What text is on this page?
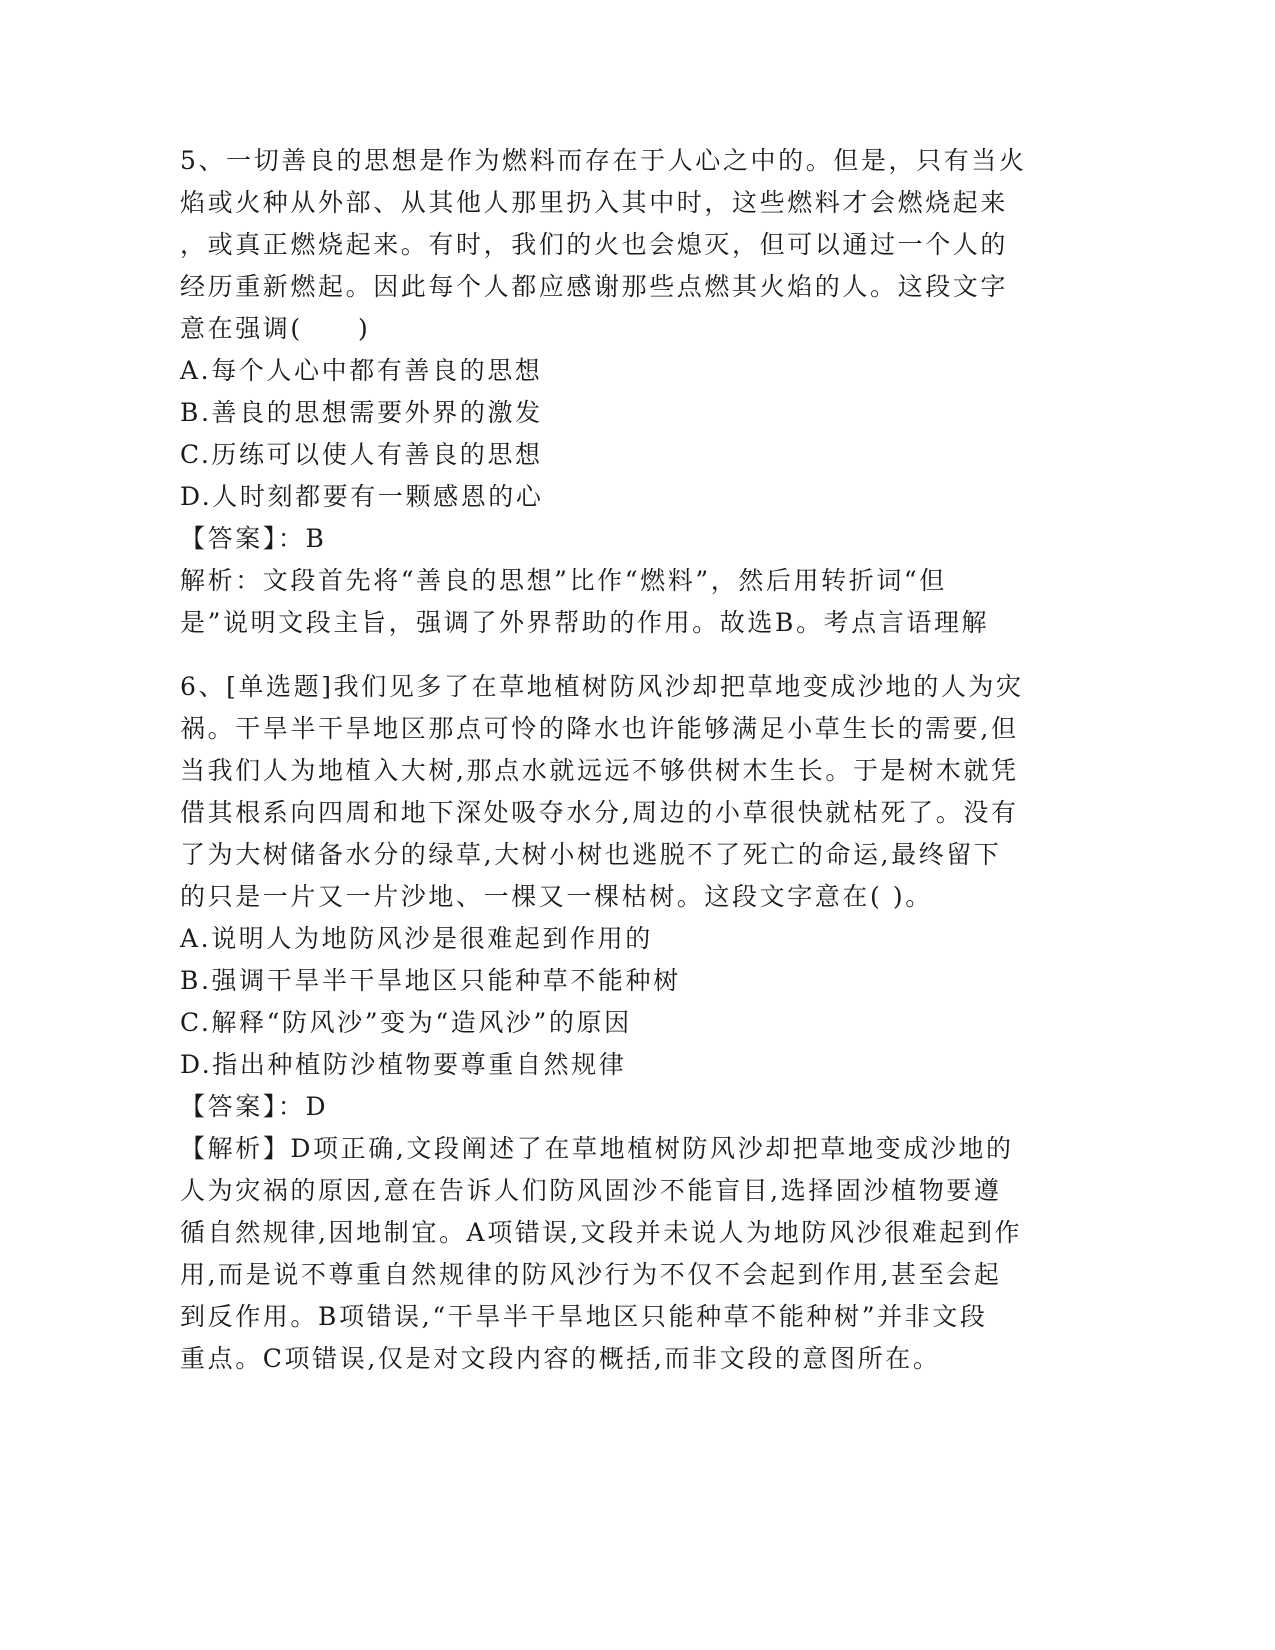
5、一切善良的思想是作为燃料而存在于人心之中的。但是，只有当火
焰或火种从外部、从其他人那里扔入其中时，这些燃料才会燃烧起来
，或真正燃烧起来。有时，我们的火也会熄灭，但可以通过一个人的
经历重新燃起。因此每个人都应感谢那些点燃其火焰的人。这段文字
意在强调(　　)
A.每个人心中都有善良的思想
B.善良的思想需要外界的激发
C.历练可以使人有善良的思想
D.人时刻都要有一颗感恩的心
【答案】：B
解析：文段首先将“善良的思想”比作“燃料”，然后用转折词“但
是”说明文段主旨，强调了外界帮助的作用。故选B。考点言语理解
6、[单选题]我们见多了在草地植树防风沙却把草地变成沙地的人为灾
祸。干旱半干旱地区那点可怜的降水也许能够满足小草生长的需要,但
当我们人为地植入大树,那点水就远远不够供树木生长。于是树木就凭
借其根系向四周和地下深处吸夺水分,周边的小草很快就枯死了。没有
了为大树储备水分的绿草,大树小树也逃脱不了死亡的命运,最终留下
的只是一片又一片沙地、一棵又一棵枯树。这段文字意在( )。
A.说明人为地防风沙是很难起到作用的
B.强调干旱半干旱地区只能种草不能种树
C.解释“防风沙”变为“造风沙”的原因
D.指出种植防沙植物要尊重自然规律
【答案】：D
【解析】D项正确,文段阐述了在草地植树防风沙却把草地变成沙地的
人为灾祸的原因,意在告诉人们防风固沙不能盲目,选择固沙植物要遵
循自然规律,因地制宜。A项错误,文段并未说人为地防风沙很难起到作
用,而是说不尊重自然规律的防风沙行为不仅不会起到作用,甚至会起
到反作用。B项错误,“干旱半干旱地区只能种草不能种树”并非文段
重点。C项错误,仅是对文段内容的概括,而非文段的意图所在。
